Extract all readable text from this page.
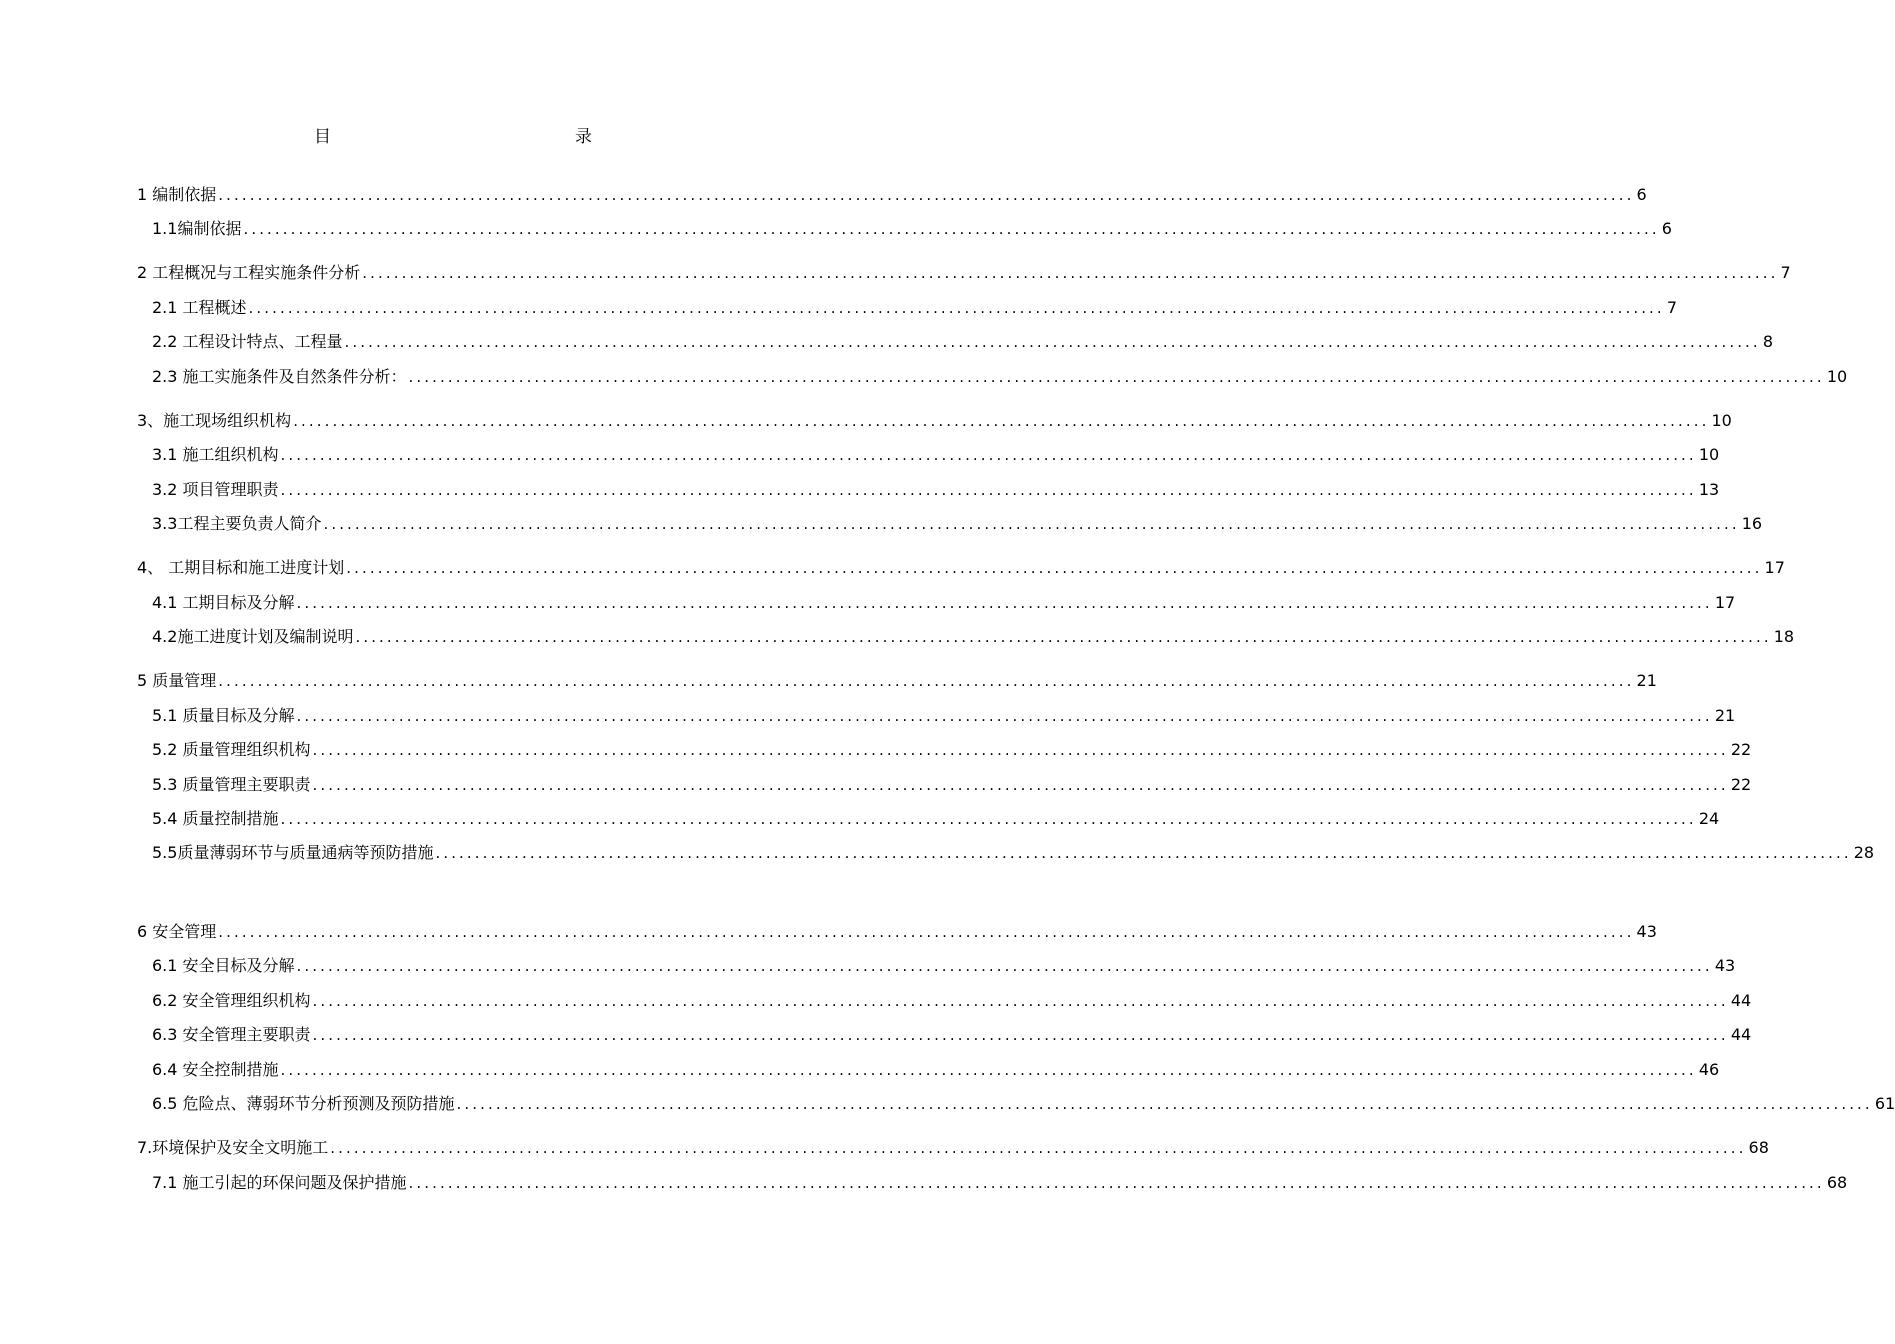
目　　录
1 编制依据 .................................................................................................................................................................................... 6
1.1编制依据 .................................................................................................................................................................................... 6
2 工程概况与工程实施条件分析 .................................................................................................................................................................................... 7
2.1 工程概述 .................................................................................................................................................................................... 7
2.2 工程设计特点、工程量 .................................................................................................................................................................................... 8
2.3 施工实施条件及自然条件分析： .................................................................................................................................................................................... 10
3、施工现场组织机构 .................................................................................................................................................................................... 10
3.1 施工组织机构 .................................................................................................................................................................................... 10
3.2 项目管理职责 .................................................................................................................................................................................... 13
3.3工程主要负责人简介 .................................................................................................................................................................................... 16
4、 工期目标和施工进度计划 .................................................................................................................................................................................... 17
4.1 工期目标及分解 .................................................................................................................................................................................... 17
4.2施工进度计划及编制说明 .................................................................................................................................................................................... 18
5 质量管理 .................................................................................................................................................................................... 21
5.1 质量目标及分解 .................................................................................................................................................................................... 21
5.2 质量管理组织机构 .................................................................................................................................................................................... 22
5.3 质量管理主要职责 .................................................................................................................................................................................... 22
5.4 质量控制措施 .................................................................................................................................................................................... 24
5.5质量薄弱环节与质量通病等预防措施 .................................................................................................................................................................................... 28
6 安全管理 .................................................................................................................................................................................... 43
6.1 安全目标及分解 .................................................................................................................................................................................... 43
6.2 安全管理组织机构 .................................................................................................................................................................................... 44
6.3 安全管理主要职责 .................................................................................................................................................................................... 44
6.4 安全控制措施 .................................................................................................................................................................................... 46
6.5 危险点、薄弱环节分析预测及预防措施 .................................................................................................................................................................................... 61
7.环境保护及安全文明施工 .................................................................................................................................................................................... 68
7.1 施工引起的环保问题及保护措施 .................................................................................................................................................................................... 68
